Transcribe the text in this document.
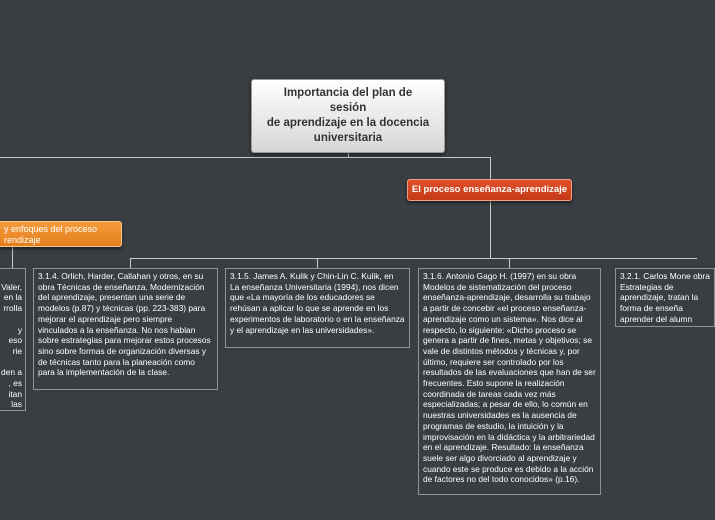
Importancia del plan de
sesión
de aprendizaje en la docencia
universitaria
El proceso enseñanza-aprendizaje
y enfoques del proceso
rendizaje

Valer,
en la
rrolla

y
eso
rie

den a
, es
itan
las

3.1.4. Orlich, Harder, Callahan y otros, en su obra Técnicas de enseñanza. Modernización del aprendizaje, presentan una serie de modelos (p.87) y técnicas (pp. 223-383) para mejorar el aprendizaje pero siempre vinculados a la enseñanza. No nos hablan sobre estrategias para mejorar estos procesos sino sobre formas de organización diversas y de técnicas tanto para la planeación como para la implementación de la clase.
3.1.5. James A. Kulik y Chin-Lin C. Kulik, en La enseñanza Universitaria (1994), nos dicen que «La mayoría de los educadores se rehúsan a aplicar lo que se aprende en los experimentos de laboratorio o en la enseñanza y el aprendizaje en las universidades».
3.1.6. Antonio Gago H. (1997) en su obra Modelos de sistematización del proceso enseñanza-aprendizaje, desarrolla su trabajo a partir de concebir «el proceso enseñanza-aprendizaje como un sistema». Nos dice al respecto, lo siguiente: «Dicho proceso se genera a partir de fines, metas y objetivos; se vale de distintos métodos y técnicas y, por último, requiere ser controlado por los resultados de las evaluaciones que han de ser frecuentes. Esto supone la realización coordinada de tareas cada vez más especializadas; a pesar de ello, lo común en nuestras universidades es la ausencia de programas de estudio, la intuición y la improvisación en la didáctica y la arbitrariedad en el aprendizaje. Resultado: la enseñanza suele ser algo divorciado al aprendizaje y cuando este se produce es debido a la acción de factores no del todo conocidos» (p.16).
3.2.1. Carlos Mone obra Estrategias de aprendizaje, tratan la forma de enseña aprender del alumn
